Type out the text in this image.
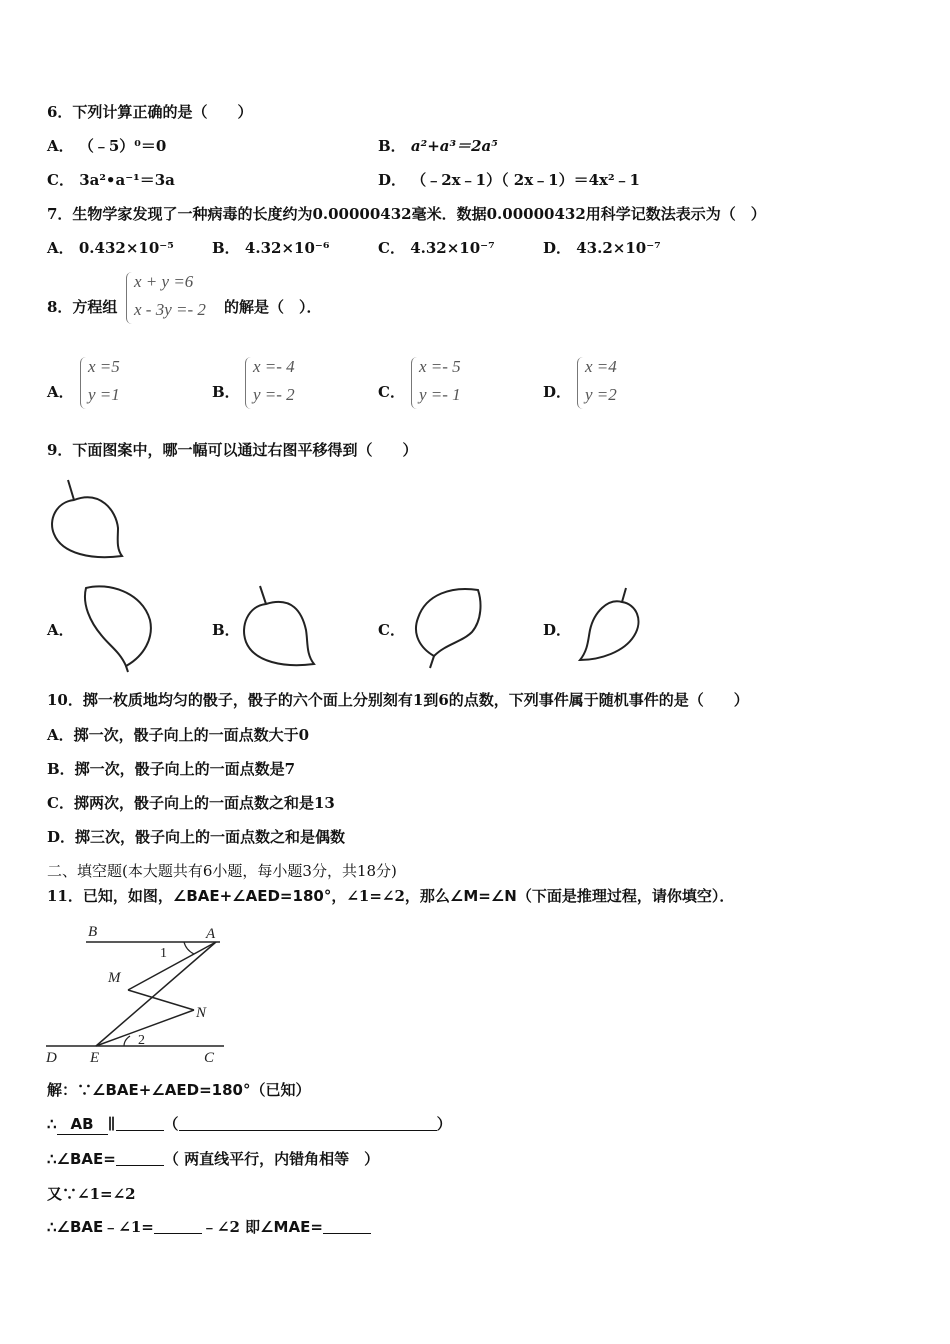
6．下列计算正确的是（　　）
A． （﹣5）⁰＝0	B． a²+a³＝2a⁵
C． 3a²•a⁻¹＝3a	D． （﹣2x﹣1）（ 2x﹣1）＝4x²﹣1
7．生物学家发现了一种病毒的长度约为0.00000432毫米．数据0.00000432用科学记数法表示为（　）
A． 0.432×10⁻⁵	B． 4.32×10⁻⁶	C． 4.32×10⁻⁷	D． 43.2×10⁻⁷
8．方程组
x + y =6
x - 3y =- 2 的解是（　）．
A．
x =5
y =1	B．
x =- 4
y =- 2	C．
x =- 5
y =- 1	D．
x =4
y =2
9．下面图案中，哪一幅可以通过右图平移得到（　　）
A．	B．	C．	D．
10．掷一枚质地均匀的骰子，骰子的六个面上分别刻有1到6的点数，下列事件属于随机事件的是（　　）
A．掷一次，骰子向上的一面点数大于0
B．掷一次，骰子向上的一面点数是7
C．掷两次，骰子向上的一面点数之和是13
D．掷三次，骰子向上的一面点数之和是偶数
二、填空题(本大题共有6小题，每小题3分，共18分)
11．已知，如图，∠BAE+∠AED=180°，∠1=∠2，那么∠M=∠N（下面是推理过程，请你填空）．
B	A
M
N
D E	C
1
2
解：∵∠BAE+∠AED=180°（已知）
∴ AB ∥	（	）
∴∠BAE=	（ 两直线平行，内错角相等　）
又∵∠1=∠2
∴∠BAE﹣∠1=	﹣∠2 即∠MAE=
